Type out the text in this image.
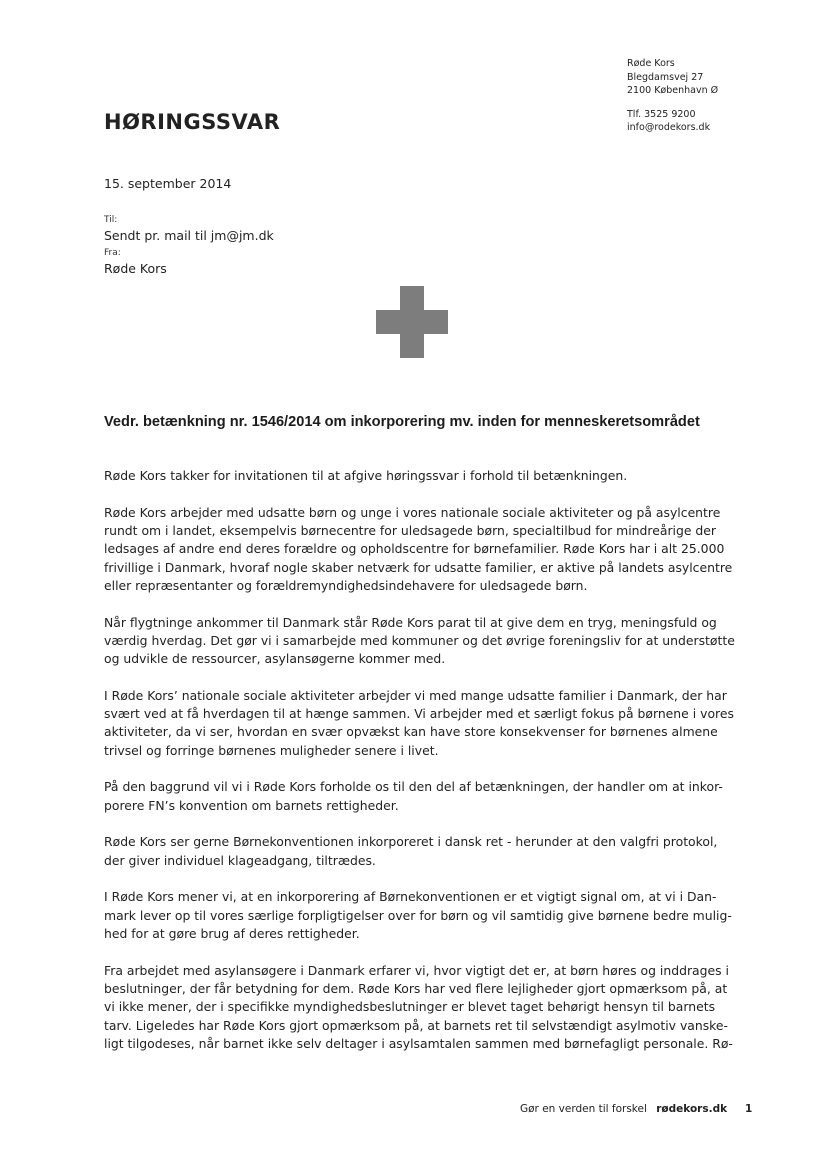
Røde Kors
Blegdamsvej 27
2100 København Ø
Tlf. 3525 9200
info@rodekors.dk
HØRINGSSVAR
15. september 2014
Til:
Sendt pr. mail til jm@jm.dk
Fra:
Røde Kors
Vedr. betænkning nr. 1546/2014 om inkorporering mv. inden for menneskeretsområdet

Røde Kors takker for invitationen til at afgive høringssvar i forhold til betænkningen.

Røde Kors arbejder med udsatte børn og unge i vores nationale sociale aktiviteter og på asylcentre
rundt om i landet, eksempelvis børnecentre for uledsagede børn, specialtilbud for mindreårige der
ledsages af andre end deres forældre og opholdscentre for børnefamilier. Røde Kors har i alt 25.000
frivillige i Danmark, hvoraf nogle skaber netværk for udsatte familier, er aktive på landets asylcentre
eller repræsentanter og forældremyndighedsindehavere for uledsagede børn.

Når flygtninge ankommer til Danmark står Røde Kors parat til at give dem en tryg, meningsfuld og
værdig hverdag. Det gør vi i samarbejde med kommuner og det øvrige foreningsliv for at understøtte
og udvikle de ressourcer, asylansøgerne kommer med.

I Røde Kors’ nationale sociale aktiviteter arbejder vi med mange udsatte familier i Danmark, der har
svært ved at få hverdagen til at hænge sammen. Vi arbejder med et særligt fokus på børnene i vores
aktiviteter, da vi ser, hvordan en svær opvækst kan have store konsekvenser for børnenes almene
trivsel og forringe børnenes muligheder senere i livet.

På den baggrund vil vi i Røde Kors forholde os til den del af betænkningen, der handler om at inkor-
porere FN’s konvention om barnets rettigheder.

Røde Kors ser gerne Børnekonventionen inkorporeret i dansk ret - herunder at den valgfri protokol,
der giver individuel klageadgang, tiltrædes.

I Røde Kors mener vi, at en inkorporering af Børnekonventionen er et vigtigt signal om, at vi i Dan-
mark lever op til vores særlige forpligtigelser over for børn og vil samtidig give børnene bedre mulig-
hed for at gøre brug af deres rettigheder.

Fra arbejdet med asylansøgere i Danmark erfarer vi, hvor vigtigt det er, at børn høres og inddrages i
beslutninger, der får betydning for dem. Røde Kors har ved flere lejligheder gjort opmærksom på, at
vi ikke mener, der i specifikke myndighedsbeslutninger er blevet taget behørigt hensyn til barnets
tarv. Ligeledes har Røde Kors gjort opmærksom på, at barnets ret til selvstændigt asylmotiv vanske-
ligt tilgodeses, når barnet ikke selv deltager i asylsamtalen sammen med børnefagligt personale. Rø-

Gør en verden til forskel rødekors.dk 1
